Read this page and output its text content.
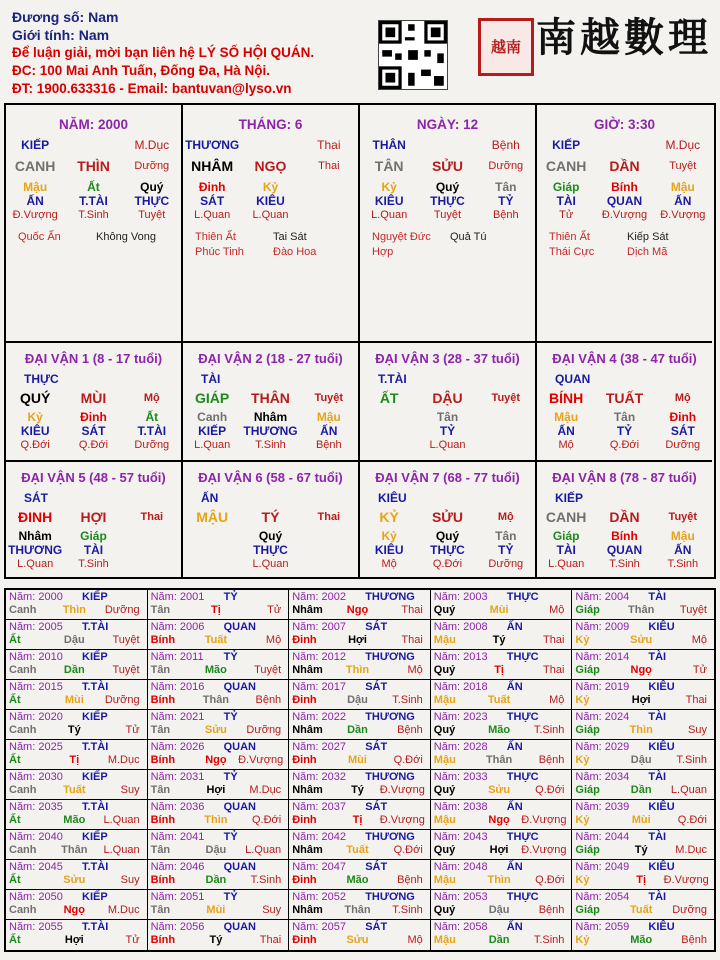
Đương số: Nam
Giới tính: Nam
Để luận giải, mời bạn liên hệ LÝ SỐ HỘI QUÁN.
ĐC: 100 Mai Anh Tuấn, Đống Đa, Hà Nội.
ĐT: 1900.633316 - Email: bantuvan@lyso.vn
越南 南越數理
NĂM: 2000
KIẾP	M.Dục
CANH	THÌN	Dưỡng
Mậu	Ất	Quý
ẤN	T.TÀI	THỰC
Đ.Vượng	T.Sinh	Tuyệt
Quốc Ấn	Không Vong
THÁNG: 6
THƯƠNG	Thai
NHÂM	NGỌ	Thai
Đinh	Kỷ
SÁT	KIÊU
L.Quan	L.Quan
Thiên Ất	Tai Sát
Phúc Tinh	Đào Hoa
NGÀY: 12
THÂN	Bệnh
TÂN	SỬU	Dưỡng
Kỷ	Quý	Tân
KIÊU	THỰC	TỶ
L.Quan	Tuyệt	Bệnh
Nguyệt Đức Hợp
Quả Tú
GIỜ: 3:30
KIẾP	M.Dục
CANH	DẦN	Tuyệt
Giáp	Bính	Mậu
TÀI	QUAN	ẤN
Tử	Đ.Vượng	Đ.Vượng
Thiên Ất	Kiếp Sát
Thái Cực	Dịch Mã
ĐẠI VẬN 1 (8 - 17 tuổi)
THỰC
QUÝ	MÙI	Mộ
Kỷ	Đinh	Ất
KIÊU	SÁT	T.TÀI
Q.Đới	Q.Đới	Dưỡng
ĐẠI VẬN 2 (18 - 27 tuổi)
TÀI
GIÁP	THÂN	Tuyệt
Canh	Nhâm	Mậu
KIẾP	THƯƠNG	ẤN
L.Quan	T.Sinh	Bệnh
ĐẠI VẬN 3 (28 - 37 tuổi)
T.TÀI
ẤT	DẬU	Tuyệt
Tân
TỶ
L.Quan
ĐẠI VẬN 4 (38 - 47 tuổi)
QUAN
BÍNH	TUẤT	Mộ
Mậu	Tân	Đinh
ẤN	TỶ	SÁT
Mộ	Q.Đới	Dưỡng
ĐẠI VẬN 5 (48 - 57 tuổi)
SÁT
ĐINH	HỢI	Thai
Nhâm	Giáp
THƯƠNG	TÀI
L.Quan	T.Sinh
ĐẠI VẬN 6 (58 - 67 tuổi)
ẤN
MẬU	TÝ	Thai
Quý
THỰC
L.Quan
ĐẠI VẬN 7 (68 - 77 tuổi)
KIÊU
KỶ	SỬU	Mộ
Kỷ	Quý	Tân
KIÊU	THỰC	TỶ
Mộ	Q.Đới	Dưỡng
ĐẠI VẬN 8 (78 - 87 tuổi)
KIẾP
CANH	DẦN	Tuyệt
Giáp	Bính	Mậu
TÀI	QUAN	ẤN
L.Quan	T.Sinh	T.Sinh
Năm: 2000	KIẾP
Canh	Thìn	Dưỡng
Năm: 2001	TỶ
Tân	Tị	Tử
Năm: 2002	THƯƠNG
Nhâm	Ngọ	Thai
Năm: 2003	THỰC
Quý	Mùi	Mộ
Năm: 2004	TÀI
Giáp	Thân	Tuyệt
Năm: 2005	T.TÀI
Ất	Dậu	Tuyệt
Năm: 2006	QUAN
Bính	Tuất	Mộ
Năm: 2007	SÁT
Đinh	Hợi	Thai
Năm: 2008	ẤN
Mậu	Tý	Thai
Năm: 2009	KIÊU
Kỷ	Sửu	Mộ
Năm: 2010	KIẾP
Canh	Dần	Tuyệt
Năm: 2011	TỶ
Tân	Mão	Tuyệt
Năm: 2012	THƯƠNG
Nhâm	Thìn	Mộ
Năm: 2013	THỰC
Quý	Tị	Thai
Năm: 2014	TÀI
Giáp	Ngọ	Tử
Năm: 2015	T.TÀI
Ất	Mùi	Dưỡng
Năm: 2016	QUAN
Bính	Thân	Bệnh
Năm: 2017	SÁT
Đinh	Dậu	T.Sinh
Năm: 2018	ẤN
Mậu	Tuất	Mộ
Năm: 2019	KIÊU
Kỷ	Hợi	Thai
Năm: 2020	KIẾP
Canh	Tý	Tử
Năm: 2021	TỶ
Tân	Sửu	Dưỡng
Năm: 2022	THƯƠNG
Nhâm	Dần	Bệnh
Năm: 2023	THỰC
Quý	Mão	T.Sinh
Năm: 2024	TÀI
Giáp	Thìn	Suy
Năm: 2025	T.TÀI
Ất	Tị	M.Dục
Năm: 2026	QUAN
Bính	Ngọ	Đ.Vượng
Năm: 2027	SÁT
Đinh	Mùi	Q.Đới
Năm: 2028	ẤN
Mậu	Thân	Bệnh
Năm: 2029	KIÊU
Kỷ	Dậu	T.Sinh
Năm: 2030	KIẾP
Canh	Tuất	Suy
Năm: 2031	TỶ
Tân	Hợi	M.Dục
Năm: 2032	THƯƠNG
Nhâm	Tý	Đ.Vượng
Năm: 2033	THỰC
Quý	Sửu	Q.Đới
Năm: 2034	TÀI
Giáp	Dần	L.Quan
Năm: 2035	T.TÀI
Ất	Mão	L.Quan
Năm: 2036	QUAN
Bính	Thìn	Q.Đới
Năm: 2037	SÁT
Đinh	Tị	Đ.Vượng
Năm: 2038	ẤN
Mậu	Ngọ	Đ.Vượng
Năm: 2039	KIÊU
Kỷ	Mùi	Q.Đới
Năm: 2040	KIẾP
Canh	Thân	L.Quan
Năm: 2041	TỶ
Tân	Dậu	L.Quan
Năm: 2042	THƯƠNG
Nhâm	Tuất	Q.Đới
Năm: 2043	THỰC
Quý	Hợi	Đ.Vượng
Năm: 2044	TÀI
Giáp	Tý	M.Dục
Năm: 2045	T.TÀI
Ất	Sửu	Suy
Năm: 2046	QUAN
Bính	Dần	T.Sinh
Năm: 2047	SÁT
Đinh	Mão	Bệnh
Năm: 2048	ẤN
Mậu	Thìn	Q.Đới
Năm: 2049	KIÊU
Kỷ	Tị	Đ.Vượng
Năm: 2050	KIẾP
Canh	Ngọ	M.Dục
Năm: 2051	TỶ
Tân	Mùi	Suy
Năm: 2052	THƯƠNG
Nhâm	Thân	T.Sinh
Năm: 2053	THỰC
Quý	Dậu	Bệnh
Năm: 2054	TÀI
Giáp	Tuất	Dưỡng
Năm: 2055	T.TÀI
Ất	Hợi	Tử
Năm: 2056	QUAN
Bính	Tý	Thai
Năm: 2057	SÁT
Đinh	Sửu	Mộ
Năm: 2058	ẤN
Mậu	Dần	T.Sinh
Năm: 2059	KIÊU
Kỷ	Mão	Bệnh
